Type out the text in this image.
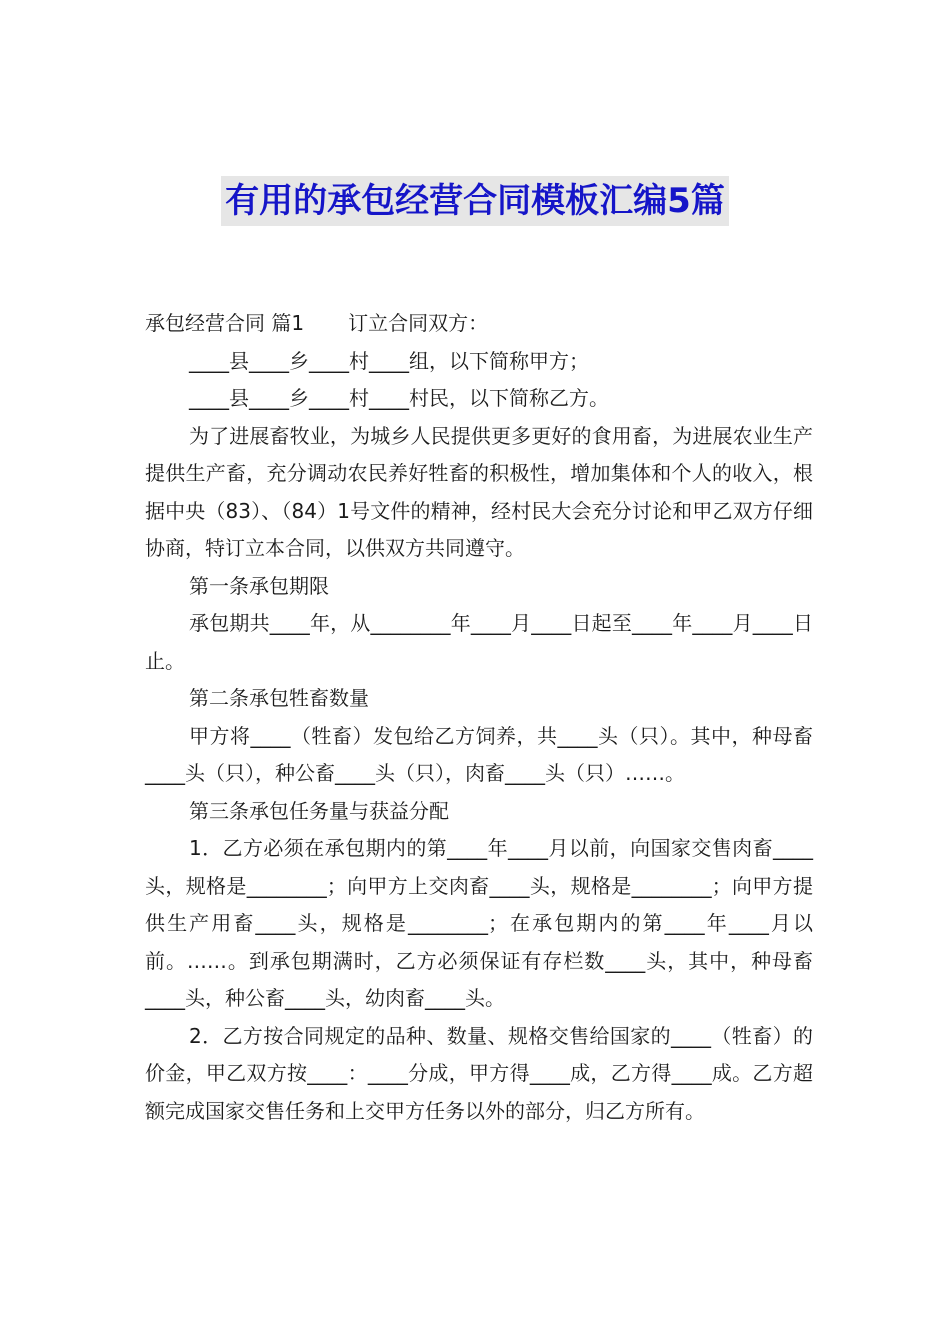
有用的承包经营合同模板汇编5篇

承包经营合同 篇1 订立合同双方：

____县____乡____村____组，以下简称甲方；

____县____乡____村____村民，以下简称乙方。

为了进展畜牧业，为城乡人民提供更多更好的食用畜，为进展农业生产提供生产畜，充分调动农民养好牲畜的积极性，增加集体和个人的收入，根据中央（83）、（84）1号文件的精神，经村民大会充分讨论和甲乙双方仔细协商，特订立本合同，以供双方共同遵守。

第一条承包期限

承包期共____年，从________年____月____日起至____年____月____日止。

第二条承包牲畜数量

甲方将____（牲畜）发包给乙方饲养，共____头（只）。其中，种母畜____头（只），种公畜____头（只），肉畜____头（只）……。

第三条承包任务量与获益分配

1．乙方必须在承包期内的第____年____月以前，向国家交售肉畜____头，规格是________；向甲方上交肉畜____头，规格是________；向甲方提供生产用畜____头，规格是________；在承包期内的第____年____月以前。……。到承包期满时，乙方必须保证有存栏数____头，其中，种母畜____头，种公畜____头，幼肉畜____头。

2．乙方按合同规定的品种、数量、规格交售给国家的____（牲畜）的价金，甲乙双方按____：____分成，甲方得____成，乙方得____成。乙方超额完成国家交售任务和上交甲方任务以外的部分，归乙方所有。
